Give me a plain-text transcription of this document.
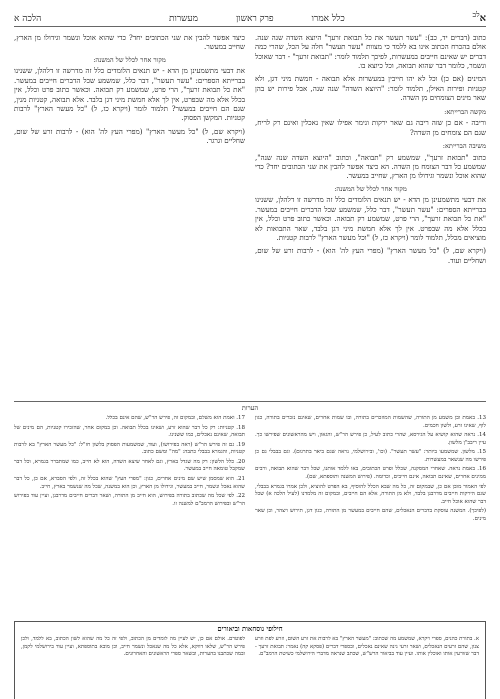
א$^{לב}$
כלל אמרו
פרק ראשון
מעשרות
הלכה א

כתוב (דברים יד, כב): "עשר תעשר את כל תבואת זרעך" היוצא השדה שנה שנה. אולם בהכרח הכתוב אינו בא ללמד כי מצוות "עשר תעשר" חלה על הכל, שהרי כמה דברים יש שאינם חייבים במעשרות, לפיכך תלמוד לומר: "תבואת זרעך" - דבר שאוכל ונשמר, כלומר דבר שהוא תבואה, וכל כיוצא בו.

המינים (אם כן) וכל לא יהו חייבין במעשרות אלא תבואה - חמשת מיני דגן, ולא קטניות ופירות האילן, תלמוד לומר: "היוצא השדה" שנה שנה, אבל פירות יש בהן שאר מינים הצומחים מן השדה.

מקשה הברייתא:

וריבה - אם כן שזה ריבה גם שאר ירקות ונימר אפילו שאין נאכלין ואינם רק לריח, שגם הם צומחים מן השדה?

משיבה הברייתא:

כתוב "תבואת זרעך", שמשמע רק "תבואה", וכתוב "היוצא השדה שנה שנה", שמשמע כל דבר הצומח מן השדה. הא כיצד אפשר להבין את שני הכתובים יחד? כדי שהוא אוכל ונשמר וגידולו מן הארץ, שחייב במעשר.

מקור אחר לכלל של המשנה:

את דבעי מתשמעינן מן הדא - יש תנאים הלומדים כלל זה מדרשה זו דלהלן, ששנינו בברייתא הספרים: "עשר תעשר", דבר כלל, שמשמע שכל הדברים חייבים במעשר. "את כל תבואת זרעך", הרי פרט, שמשמע רק תבואה. וכאשר כתוב פרט וכלל, אין בכלל אלא מה שבפרט. אין לך אלא חמשת מיני דגן בלבד, שאר התבואות לא מוציאים מכלל, תלמוד לומר (ויקרא כז, ל) "וכל מעשר הארץ" לרבות קטניות.

(ויקרא שם, ל) "כל מעשר הארץ" (מפרי העץ לה' הוא) - לרבות זרע של שום, ושחליים ועוד.

כיצד אפשר להבין את שני הכתובים יחד? כדי שהוא אוכל ונשמר וגידולו מן הארץ, שחייב במעשר.

מקור אחר לכלל של המשנה:

את דבעי מתשמעינן מן הדא - יש תנאים הלומדים כלל זה מדרשה זו דלהלן, ששנינו בברייתא הספרים: "עשר תעשר", דבר כלל, שמשמע שכל הדברים חייבים במעשר. "את כל תבואת זרעך", הרי פרט, שמשמע רק תבואה. וכאשר כתוב פרט וכלל, אין בכלל אלא מה שבפרט, אין לך אלא חמשת מיני דגן בלבד. אלא תבואה, קטניות מנין, שגם הם חייבים במעשר? תלמוד לומר (ויקרא כז, ל) "כל מעשר הארץ" לרבות קטניות. המקשן הפסוק.

(ויקרא שם, ל) "כל מעשר הארץ" (מפרי העץ לה' הוא) - לרבות זרע של שום, שחליים וגרגר.

הערות

13. באמת ובן משמע מן התורה, שהשמות המוזכרים בתורה, ובו שמות אחרים, שאינם נזכרים בתורה, כגון לוף, שאינו זרע, ולשון חכמים.

14. נראה שהוא קושיא על הגירסא, שהרי כתוב לעיל, כן פירש הר"ש, והגאון, ויש מהראשונים שפירשו כך. עיין ריבב"ן מלשון.

15. מלשון. שמשמעו ביותר: "עשר תעשר". (וכו', ובירושלמי, נראה שגם ביאר בתרגום). וגם בבבלי גם כן פירשו מה שנשאר במעשרות.

16. באמת נראה. שאחרי המסקנה, שכלל ופרט הכתובים, באו ללמד אותנו, שכל דבר שהוא תבואה, ורבים ממינים אחרים, שאינם תבואה, אינם חייבים, וכדומה. (פירוש המשנה ותוספתא, שם).

לפי האמור מובן אם כן, שבמקום זה, כל מה שבא הכלל להוסיף, בא הפרט להוציא, ולכן אמרו בגמרא בבבלי, שגם הירקות חייבים מדרבנן בלבד, ולא מן התורה, אלא הם חייבים, ובמקום זה מלמדנו (לעיל הלכה א) שכל דבר שהוא אוכל חייב.

(לפיכך). המשנה עוסקת בדברים הנאכלים, שהם חייבים במעשר מן התורה, כגון דגן, תירוש ויצהר, וכן שאר מינים.

17. ואמת הוא משלם, ובמקום זה, פירש הר"ש, שהם אינם בכלל.

18. קטניות: רק כל דבר שהוא זרע, ושאינו בכלל תבואה. וכן במקום אחר, שהזכירו קטניות, הם מינים של תבואה, שאינם נאכלים, כמו ששנינו.

19. גם זה פירש הר"ש (ראה בפירושו), ועוד, שמשמעות הפסוק בלשון חז"ל: "כל מעשר הארץ" בא לרבות קטניות, והגמרא בבבלי כתבה: "מה" ומשם כתוב.

20. כלל הלשון: רק מה שגדל בארץ, וגם לאחר שיצא השדה, הוא לא חייב, כמו שמתברר בגמרא, וכל דבר שמקבל טומאה חייב במעשר.

21. הוא שמסמן שיש שם מינים אחרים, כגון: "מפרי העץ" שהוא בכלל זה, ולפי הסברא, אם כן, כל דבר שהוא נאכל ונשמר, חייב במעשר, וגידולו מן הארץ, וכן הוא במשנה, שכל מה שנשמר בארץ, חייב.

22. לפי שכל מה שכתוב בתורה בפירוש, הוא חייב מן התורה, ושאר דברים חייבים מדרבנן, ועיין עוד בפירוש הר"ש ובפירוש הרמב"ם למשנה זו.

חילופי נוסחאות וביאורים
א. בתורת כהנים, ספרי ויקרא, שמשמע מה שכתוב: "מעשר הארץ" בא לרבות את זרע השום, וזרע לפת וזרע צנון, שהם זרעים הנאכלים, ושאר זרעי גינה שאינם נאכלים, ובספרי דברים (פסקא קה) נאמר: תבואת זרעך - דבר שזורעין אותו ואוכלין אותו. ועיין עוד בביאור הרש"ש, שכתב שנראה מדברי הירושלמי כשיטת הרמב"ם.
לפוטרם. אולם אם כן, יש לעיין מה לומדים מן הכתוב, ולפי זה כל מה שהוא לשון הכתוב, בא ללמד, ולכן פירש הר"ש, שלאו דווקא, אלא כל מה שנאכל ונשמר חייב, וכן מובא בתוספתא, ועיין עוד בירושלמי לקמן, ובמה שכתבנו בהערות, ובשאר ספרי הראשונים והאחרונים.
